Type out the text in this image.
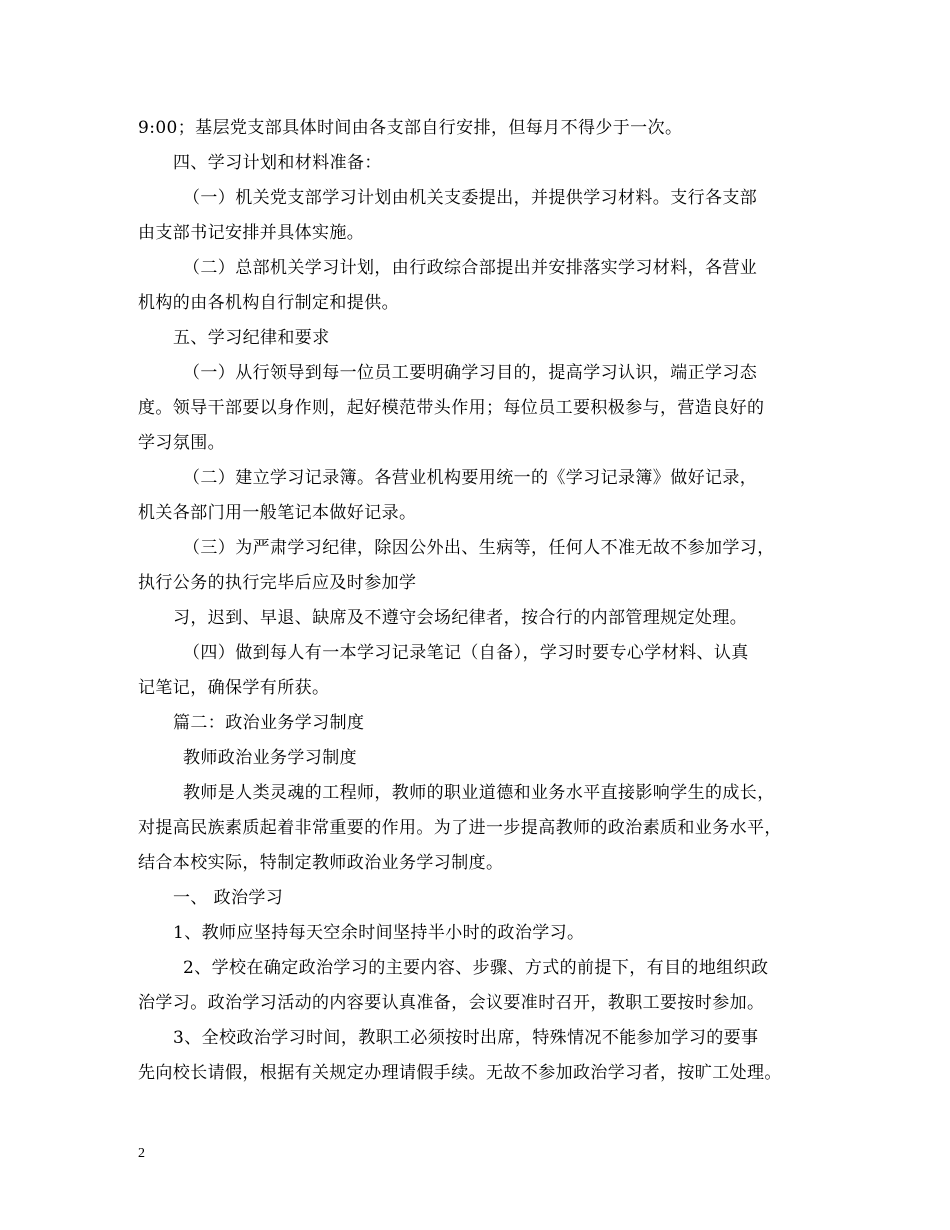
9:00；基层党支部具体时间由各支部自行安排，但每月不得少于一次。
四、学习计划和材料准备：
（一）机关党支部学习计划由机关支委提出，并提供学习材料。支行各支部
由支部书记安排并具体实施。
（二）总部机关学习计划，由行政综合部提出并安排落实学习材料，各营业
机构的由各机构自行制定和提供。
五、学习纪律和要求
（一）从行领导到每一位员工要明确学习目的，提高学习认识，端正学习态
度。领导干部要以身作则，起好模范带头作用；每位员工要积极参与，营造良好的
学习氛围。
（二）建立学习记录簿。各营业机构要用统一的《学习记录簿》做好记录，
机关各部门用一般笔记本做好记录。
（三）为严肃学习纪律，除因公外出、生病等，任何人不准无故不参加学习，
执行公务的执行完毕后应及时参加学
习，迟到、早退、缺席及不遵守会场纪律者，按合行的内部管理规定处理。
（四）做到每人有一本学习记录笔记（自备），学习时要专心学材料、认真
记笔记，确保学有所获。
篇二：政治业务学习制度
教师政治业务学习制度
教师是人类灵魂的工程师，教师的职业道德和业务水平直接影响学生的成长，
对提高民族素质起着非常重要的作用。为了进一步提高教师的政治素质和业务水平，
结合本校实际，特制定教师政治业务学习制度。
一、 政治学习
1、教师应坚持每天空余时间坚持半小时的政治学习。
2、学校在确定政治学习的主要内容、步骤、方式的前提下，有目的地组织政
治学习。政治学习活动的内容要认真准备，会议要准时召开，教职工要按时参加。
3、全校政治学习时间，教职工必须按时出席，特殊情况不能参加学习的要事
先向校长请假，根据有关规定办理请假手续。无故不参加政治学习者，按旷工处理。
2
